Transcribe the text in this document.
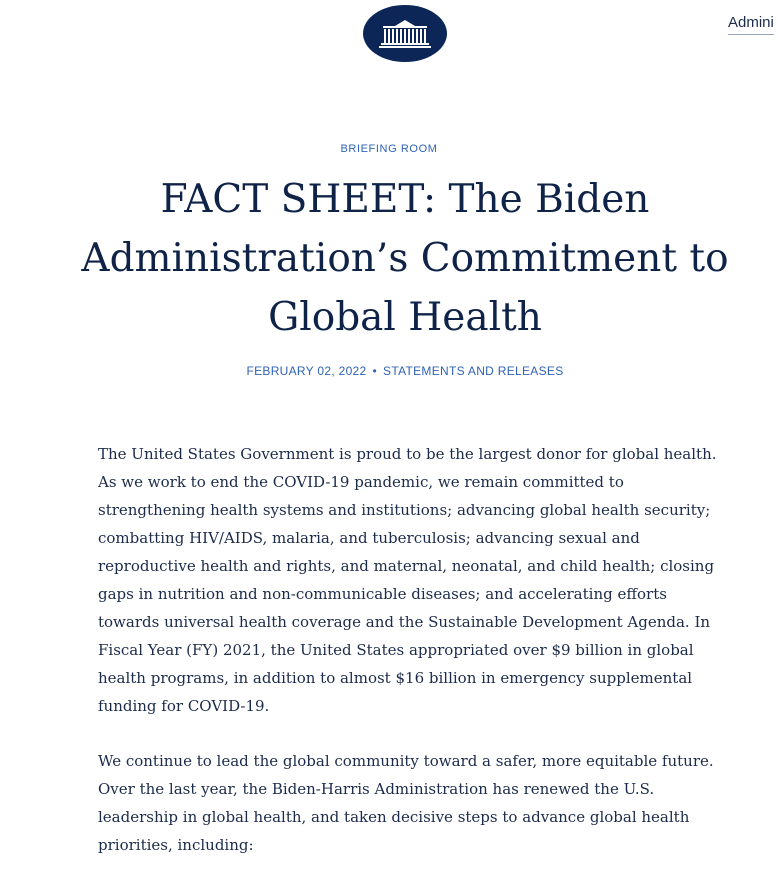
Admini
BRIEFING ROOM
FACT SHEET: The Biden Administration’s Commitment to Global Health
FEBRUARY 02, 2022 • STATEMENTS AND RELEASES

The United States Government is proud to be the largest donor for global health. As we work to end the COVID-19 pandemic, we remain committed to strengthening health systems and institutions; advancing global health security; combatting HIV/AIDS, malaria, and tuberculosis; advancing sexual and reproductive health and rights, and maternal, neonatal, and child health; closing gaps in nutrition and non-communicable diseases; and accelerating efforts towards universal health coverage and the Sustainable Development Agenda. In Fiscal Year (FY) 2021, the United States appropriated over $9 billion in global health programs, in addition to almost $16 billion in emergency supplemental funding for COVID-19.

We continue to lead the global community toward a safer, more equitable future. Over the last year, the Biden-Harris Administration has renewed the U.S. leadership in global health, and taken decisive steps to advance global health priorities, including:
